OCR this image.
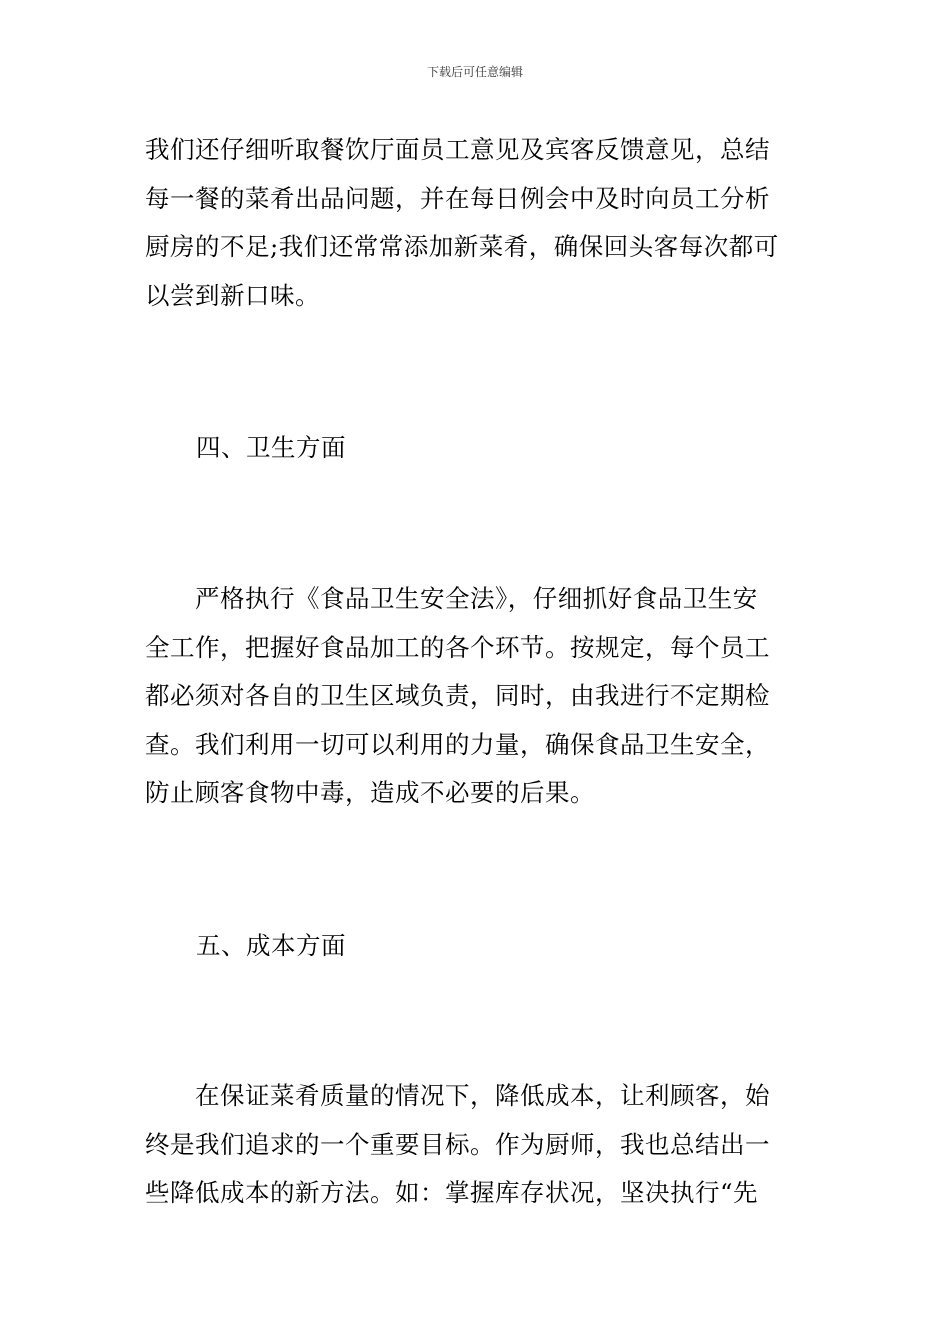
下载后可任意编辑
我们还仔细听取餐饮厅面员工意见及宾客反馈意见，总结
每一餐的菜肴出品问题，并在每日例会中及时向员工分析
厨房的不足;我们还常常添加新菜肴，确保回头客每次都可
以尝到新口味。
四、卫生方面
　　严格执行《食品卫生安全法》，仔细抓好食品卫生安
全工作，把握好食品加工的各个环节。按规定，每个员工
都必须对各自的卫生区域负责，同时，由我进行不定期检
查。我们利用一切可以利用的力量，确保食品卫生安全，
防止顾客食物中毒，造成不必要的后果。
五、成本方面
　　在保证菜肴质量的情况下，降低成本，让利顾客，始
终是我们追求的一个重要目标。作为厨师，我也总结出一
些降低成本的新方法。如：掌握库存状况，坚决执行“先
